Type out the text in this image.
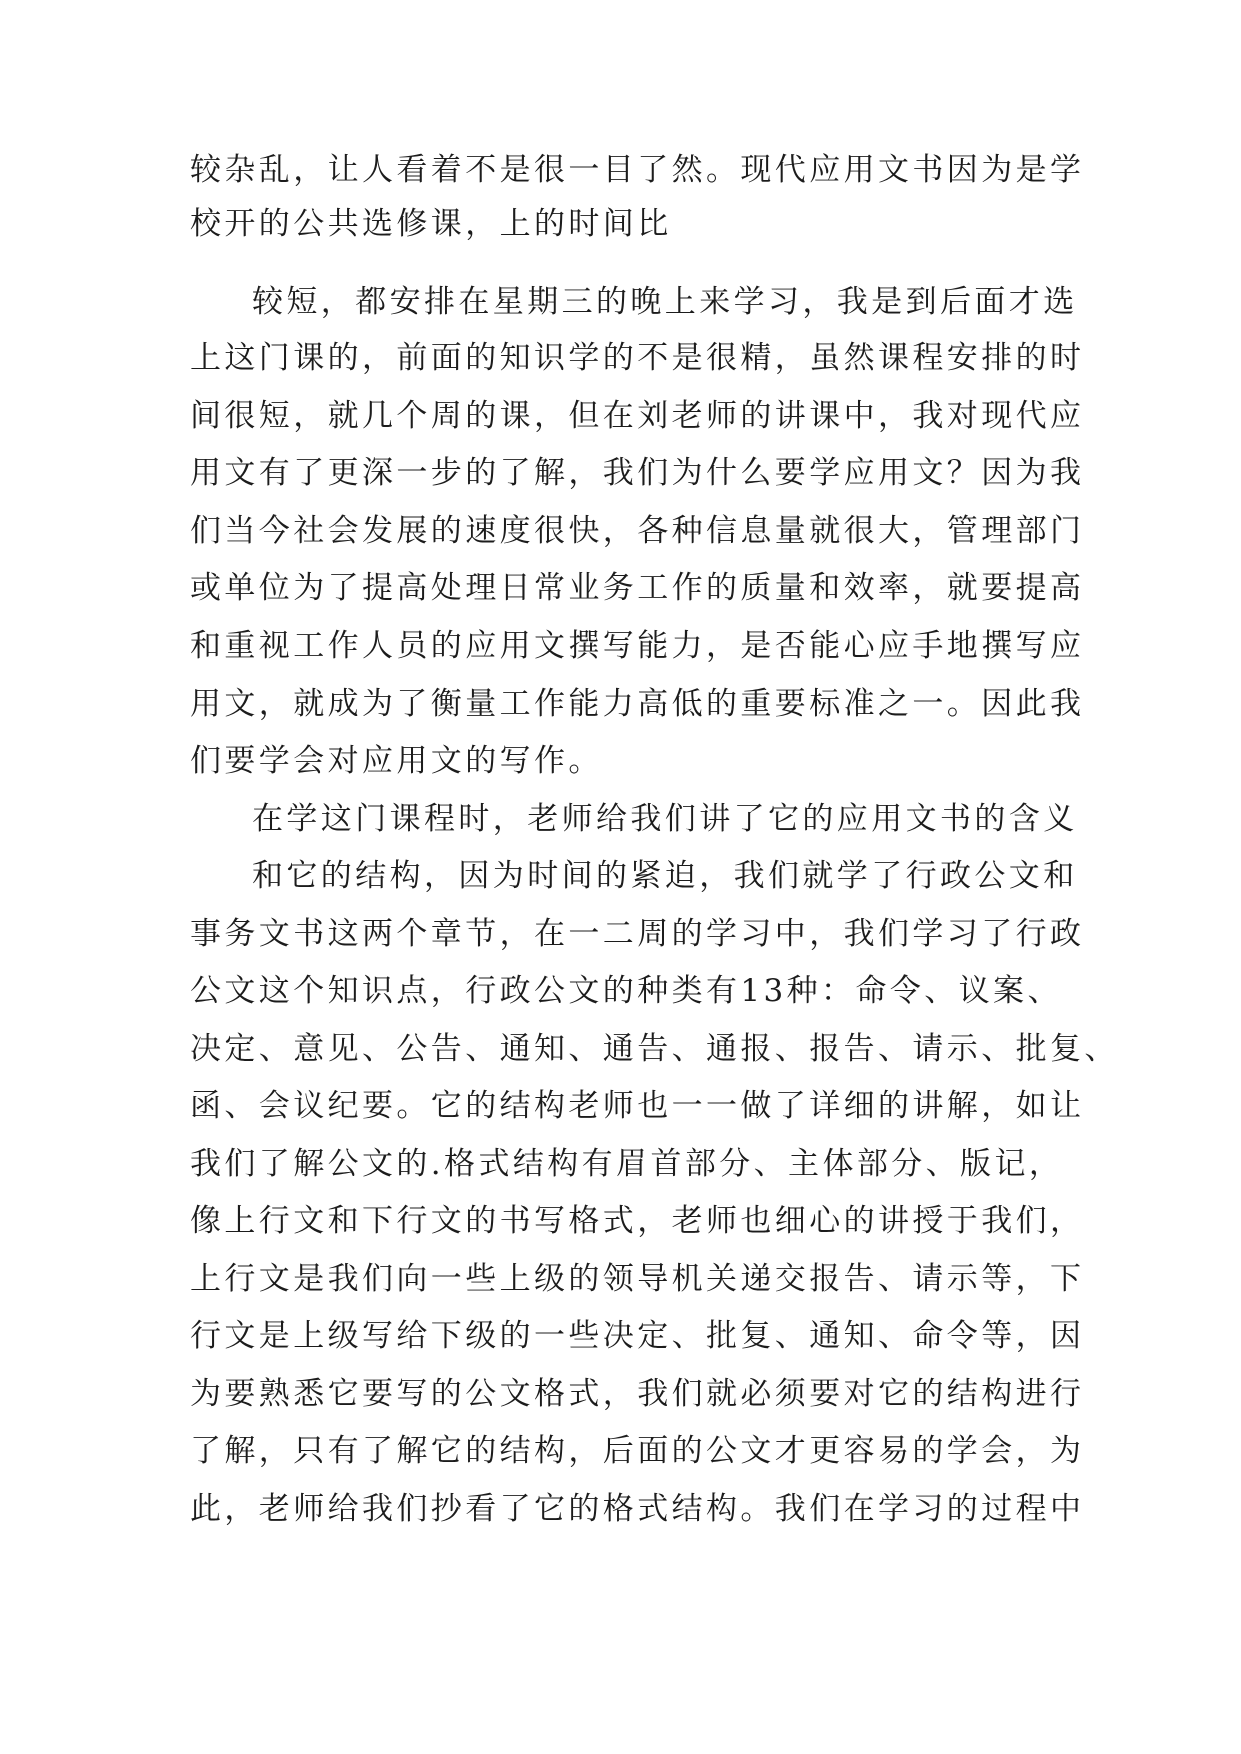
较杂乱，让人看着不是很一目了然。现代应用文书因为是学

校开的公共选修课，上的时间比

较短，都安排在星期三的晚上来学习，我是到后面才选

上这门课的，前面的知识学的不是很精，虽然课程安排的时

间很短，就几个周的课，但在刘老师的讲课中，我对现代应

用文有了更深一步的了解，我们为什么要学应用文？因为我

们当今社会发展的速度很快，各种信息量就很大，管理部门

或单位为了提高处理日常业务工作的质量和效率，就要提高

和重视工作人员的应用文撰写能力，是否能心应手地撰写应

用文，就成为了衡量工作能力高低的重要标准之一。因此我

们要学会对应用文的写作。

在学这门课程时，老师给我们讲了它的应用文书的含义

和它的结构，因为时间的紧迫，我们就学了行政公文和

事务文书这两个章节，在一二周的学习中，我们学习了行政

公文这个知识点，行政公文的种类有13种：命令、议案、

决定、意见、公告、通知、通告、通报、报告、请示、批复、

函、会议纪要。它的结构老师也一一做了详细的讲解，如让

我们了解公文的.格式结构有眉首部分、主体部分、版记，

像上行文和下行文的书写格式，老师也细心的讲授于我们，

上行文是我们向一些上级的领导机关递交报告、请示等，下

行文是上级写给下级的一些决定、批复、通知、命令等，因

为要熟悉它要写的公文格式，我们就必须要对它的结构进行

了解，只有了解它的结构，后面的公文才更容易的学会，为

此，老师给我们抄看了它的格式结构。我们在学习的过程中
